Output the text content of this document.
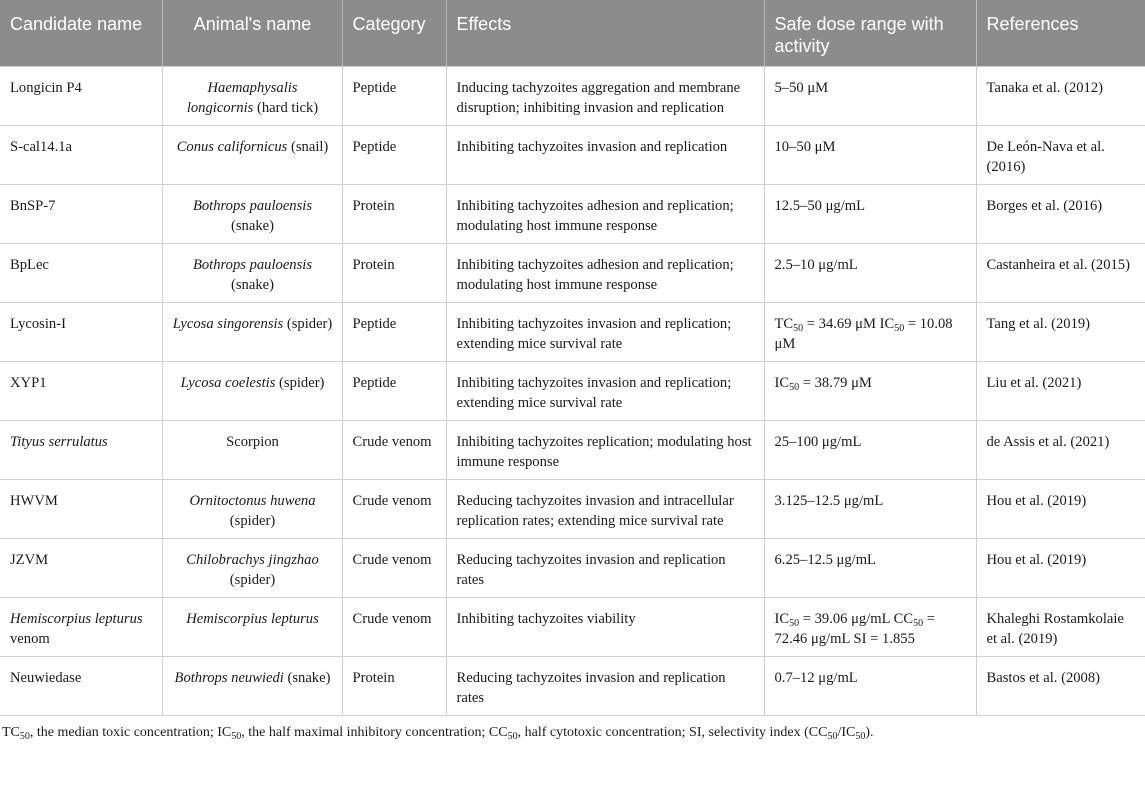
Candidate name	Animal's name	Category	Effects	Safe dose range with activity	References
Longicin P4	Haemaphysalis longicornis (hard tick)	Peptide	Inducing tachyzoites aggregation and membrane disruption; inhibiting invasion and replication	5–50 μM	Tanaka et al. (2012)
S-cal14.1a	Conus californicus (snail)	Peptide	Inhibiting tachyzoites invasion and replication	10–50 μM	De León-Nava et al. (2016)
BnSP-7	Bothrops pauloensis (snake)	Protein	Inhibiting tachyzoites adhesion and replication; modulating host immune response	12.5–50 μg/mL	Borges et al. (2016)
BpLec	Bothrops pauloensis (snake)	Protein	Inhibiting tachyzoites adhesion and replication; modulating host immune response	2.5–10 μg/mL	Castanheira et al. (2015)
Lycosin-I	Lycosa singorensis (spider)	Peptide	Inhibiting tachyzoites invasion and replication; extending mice survival rate	$TC_{50} = 34.69$ μM $IC_{50} = 10.08$ μM	Tang et al. (2019)
XYP1	Lycosa coelestis (spider)	Peptide	Inhibiting tachyzoites invasion and replication; extending mice survival rate	$IC_{50} = 38.79$ μM	Liu et al. (2021)
Tityus serrulatus	Scorpion	Crude venom	Inhibiting tachyzoites replication; modulating host immune response	25–100 μg/mL	de Assis et al. (2021)
HWVM	Ornitoctonus huwena (spider)	Crude venom	Reducing tachyzoites invasion and intracellular replication rates; extending mice survival rate	3.125–12.5 μg/mL	Hou et al. (2019)
JZVM	Chilobrachys jingzhao (spider)	Crude venom	Reducing tachyzoites invasion and replication rates	6.25–12.5 μg/mL	Hou et al. (2019)
Hemiscorpius lepturus venom	Hemiscorpius lepturus	Crude venom	Inhibiting tachyzoites viability	$IC_{50} = 39.06$ μg/mL $CC_{50} = 72.46$ μg/mL SI = 1.855	Khaleghi Rostamkolaie et al. (2019)
Neuwiedase	Bothrops neuwiedi (snake)	Protein	Reducing tachyzoites invasion and replication rates	0.7–12 μg/mL	Bastos et al. (2008)
$TC_{50}$, the median toxic concentration; $IC_{50}$, the half maximal inhibitory concentration; $CC_{50}$, half cytotoxic concentration; SI, selectivity index $(CC_{50}/IC_{50})$.
